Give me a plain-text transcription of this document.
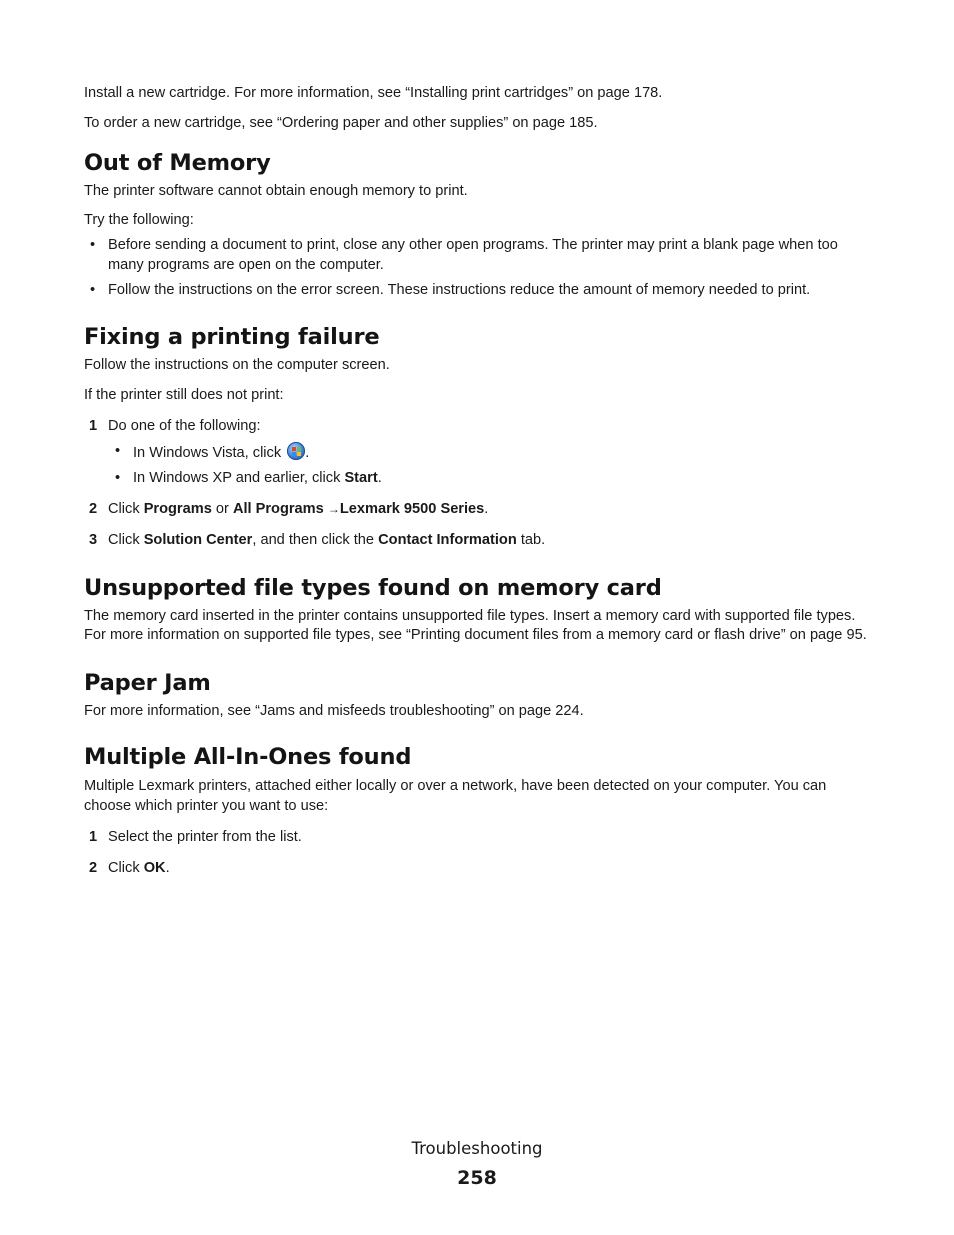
Install a new cartridge. For more information, see “Installing print cartridges” on page 178.

To order a new cartridge, see “Ordering paper and other supplies” on page 185.

Out of Memory

The printer software cannot obtain enough memory to print.

Try the following:

• Before sending a document to print, close any other open programs. The printer may print a blank page when too many programs are open on the computer.
• Follow the instructions on the error screen. These instructions reduce the amount of memory needed to print.
Fixing a printing failure

Follow the instructions on the computer screen.

If the printer still does not print:

1 Do one of the following:
• In Windows Vista, click .
• In Windows XP and earlier, click Start.
2 Click Programs or All Programs →Lexmark 9500 Series.
3 Click Solution Center, and then click the Contact Information tab.
Unsupported file types found on memory card

The memory card inserted in the printer contains unsupported file types. Insert a memory card with supported file types. For more information on supported file types, see “Printing document files from a memory card or flash drive” on page 95.

Paper Jam

For more information, see “Jams and misfeeds troubleshooting” on page 224.

Multiple All-In-Ones found

Multiple Lexmark printers, attached either locally or over a network, have been detected on your computer. You can choose which printer you want to use:

1 Select the printer from the list.
2 Click OK.
Troubleshooting
258
